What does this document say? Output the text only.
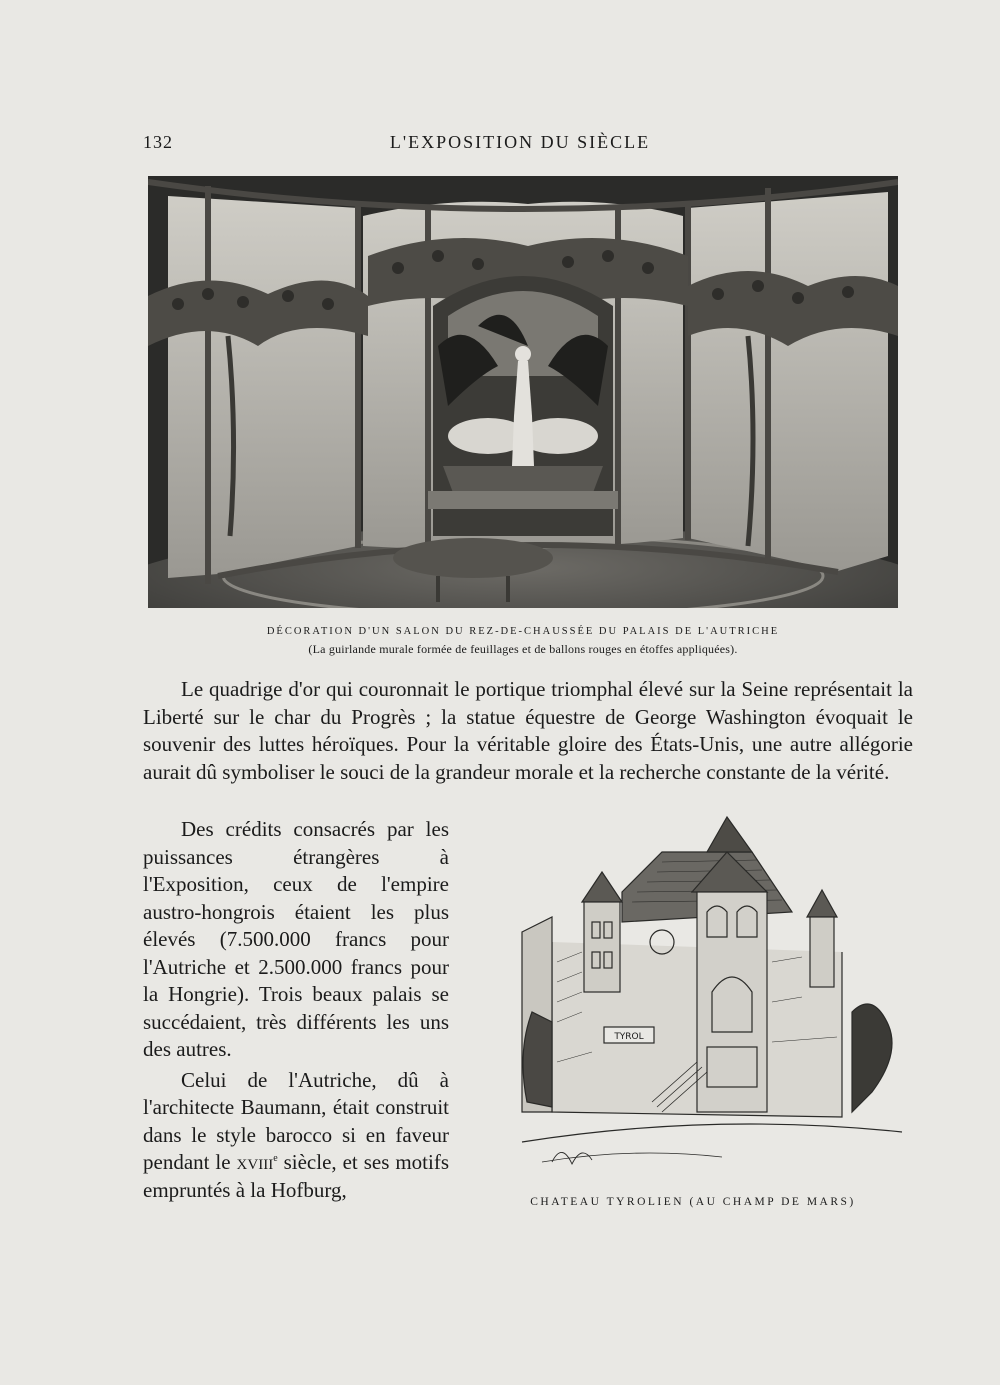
132	L'EXPOSITION DU SIÈCLE
DÉCORATION D'UN SALON DU REZ-DE-CHAUSSÉE DU PALAIS DE L'AUTRICHE
(La guirlande murale formée de feuillages et de ballons rouges en étoffes appliquées).
Le quadrige d'or qui couronnait le portique triomphal élevé sur la Seine représentait la Liberté sur le char du Progrès ; la statue équestre de George Washington évoquait le souvenir des luttes héroïques. Pour la véritable gloire des États-Unis, une autre allégorie aurait dû symboliser le souci de la grandeur morale et la recherche constante de la vérité.

Des crédits consacrés par les puissances étrangères à l'Exposition, ceux de l'empire austro-hongrois étaient les plus élevés (7.500.000 francs pour l'Autriche et 2.500.000 francs pour la Hongrie). Trois beaux palais se succédaient, très différents les uns des autres.

Celui de l'Autriche, dû à l'architecte Baumann, était construit dans le style barocco si en faveur pendant le xviii$^e$ siècle, et ses motifs empruntés à la Hofburg,

TYROL
CHATEAU TYROLIEN (AU CHAMP DE MARS)
